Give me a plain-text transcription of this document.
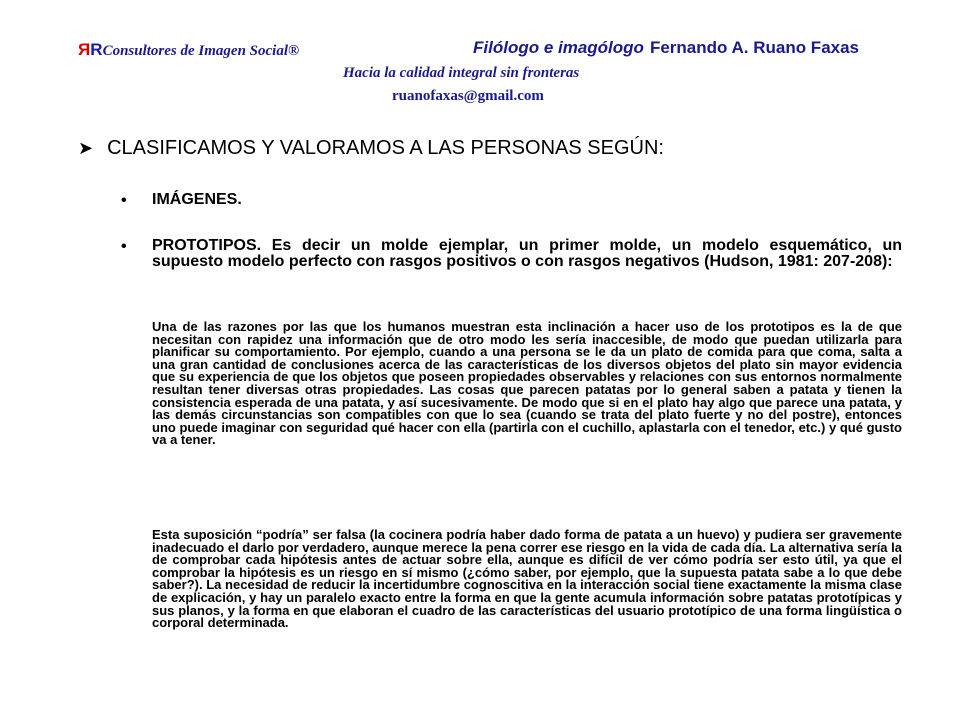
RRConsultores de Imagen Social®	Filólogo e imagólogo Fernando A. Ruano Faxas
Hacia la calidad integral sin fronteras
ruanofaxas@gmail.com
➤ CLASIFICAMOS Y VALORAMOS A LAS PERSONAS SEGÚN:
• IMÁGENES.
• PROTOTIPOS. Es decir un molde ejemplar, un primer molde, un modelo esquemático, un supuesto modelo perfecto con rasgos positivos o con rasgos negativos (Hudson, 1981: 207-208):
Una de las razones por las que los humanos muestran esta inclinación a hacer uso de los prototipos es la de que necesitan con rapidez una información que de otro modo les sería inaccesible, de modo que puedan utilizarla para planificar su comportamiento. Por ejemplo, cuando a una persona se le da un plato de comida para que coma, salta a una gran cantidad de conclusiones acerca de las características de los diversos objetos del plato sin mayor evidencia que su experiencia de que los objetos que poseen propiedades observables y relaciones con sus entornos normalmente resultan tener diversas otras propiedades. Las cosas que parecen patatas por lo general saben a patata y tienen la consistencia esperada de una patata, y así sucesivamente. De modo que si en el plato hay algo que parece una patata, y las demás circunstancias son compatibles con que lo sea (cuando se trata del plato fuerte y no del postre), entonces uno puede imaginar con seguridad qué hacer con ella (partirla con el cuchillo, aplastarla con el tenedor, etc.) y qué gusto va a tener.
Esta suposición “podría” ser falsa (la cocinera podría haber dado forma de patata a un huevo) y pudiera ser gravemente inadecuado el darlo por verdadero, aunque merece la pena correr ese riesgo en la vida de cada día. La alternativa sería la de comprobar cada hipótesis antes de actuar sobre ella, aunque es difícil de ver cómo podría ser esto útil, ya que el comprobar la hipótesis es un riesgo en sí mismo (¿cómo saber, por ejemplo, que la supuesta patata sabe a lo que debe saber?). La necesidad de reducir la incertidumbre cognoscitiva en la interacción social tiene exactamente la misma clase de explicación, y hay un paralelo exacto entre la forma en que la gente acumula información sobre patatas prototípicas y sus planos, y la forma en que elaboran el cuadro de las características del usuario prototípico de una forma lingüística o corporal determinada.
